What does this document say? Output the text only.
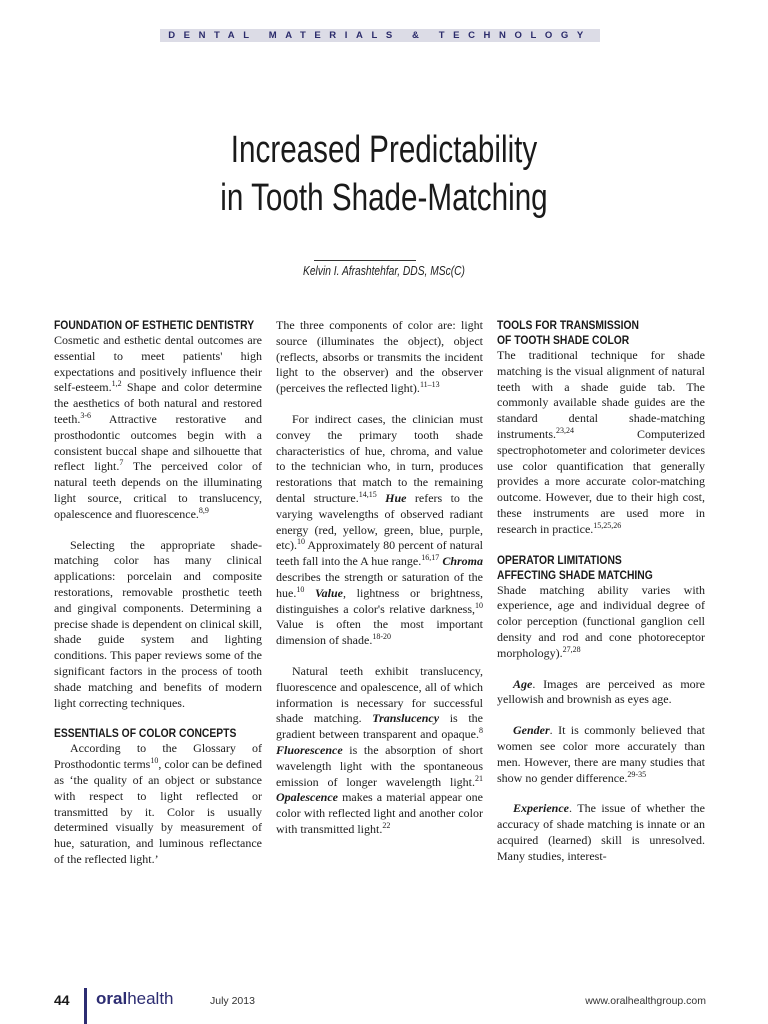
DENTAL MATERIALS & TECHNOLOGY
Increased Predictability
in Tooth Shade-Matching
Kelvin I. Afrashtehfar, DDS, MSc(C)
FOUNDATION OF ESTHETIC DENTISTRY

Cosmetic and esthetic dental outcomes are essential to meet patients' high expectations and positively influence their self-esteem.$^{1,2}$ Shape and color determine the aesthetics of both natural and restored teeth.$^{3-6}$ Attractive restorative and prosthodontic outcomes begin with a consistent buccal shape and silhouette that reflect light.$^7$ The perceived color of natural teeth depends on the illuminating light source, critical to translucency, opalescence and fluorescence.$^{8,9}$

Selecting the appropriate shade-matching color has many clinical applications: porcelain and composite restorations, removable prosthetic teeth and gingival components. Determining a precise shade is dependent on clinical skill, shade guide system and lighting conditions. This paper reviews some of the significant factors in the process of tooth shade matching and benefits of modern light correcting techniques.

ESSENTIALS OF COLOR CONCEPTS

According to the Glossary of Prosthodontic terms$^{10}$, color can be defined as ‘the quality of an object or substance with respect to light reflected or transmitted by it. Color is usually determined visually by measurement of hue, saturation, and luminous reflectance of the reflected light.’

The three components of color are: light source (illuminates the object), object (reflects, absorbs or transmits the incident light to the observer) and the observer (perceives the reflected light).$^{11-13}$

For indirect cases, the clinician must convey the primary tooth shade characteristics of hue, chroma, and value to the technician who, in turn, produces restorations that match to the remaining dental structure.$^{14,15}$ Hue refers to the varying wavelengths of observed radiant energy (red, yellow, green, blue, purple, etc).$^{10}$ Approximately 80 percent of natural teeth fall into the A hue range.$^{16,17}$ Chroma describes the strength or saturation of the hue.$^{10}$ Value, lightness or brightness, distinguishes a color's relative darkness,$^{10}$ Value is often the most important dimension of shade.$^{18-20}$

Natural teeth exhibit translucency, fluorescence and opalescence, all of which information is necessary for successful shade matching. Translucency is the gradient between transparent and opaque.$^8$ Fluorescence is the absorption of short wavelength light with the spontaneous emission of longer wavelength light.$^{21}$ Opalescence makes a material appear one color with reflected light and another color with transmitted light.$^{22}$

TOOLS FOR TRANSMISSION
OF TOOTH SHADE COLOR

The traditional technique for shade matching is the visual alignment of natural teeth with a shade guide tab. The commonly available shade guides are the standard dental shade-matching instruments.$^{23,24}$ Computerized spectrophotometer and colorimeter devices use color quantification that generally provides a more accurate color-matching outcome. However, due to their high cost, these instruments are used more in research in practice.$^{15,25,26}$

OPERATOR LIMITATIONS
AFFECTING SHADE MATCHING

Shade matching ability varies with experience, age and individual degree of color perception (functional ganglion cell density and rod and cone photoreceptor morphology).$^{27,28}$

Age. Images are perceived as more yellowish and brownish as eyes age.

Gender. It is commonly believed that women see color more accurately than men. However, there are many studies that show no gender difference.$^{29-35}$

Experience. The issue of whether the accuracy of shade matching is innate or an acquired (learned) skill is unresolved. Many studies, interest-

44 oralhealth	July 2013	www.oralhealthgroup.com
